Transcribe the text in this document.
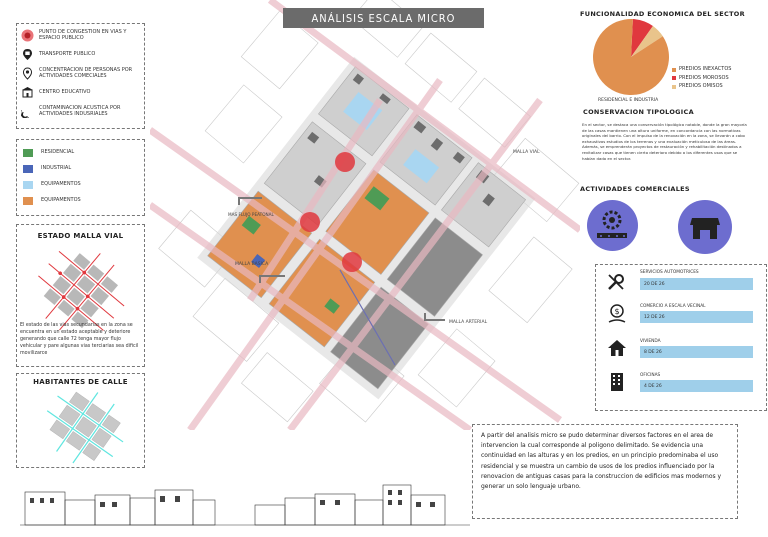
MALLA VIAL
MAS FLUJO PEATONAL
MALLA BASICA
MALLA ARTERIAL
ANÁLISIS ESCALA MICRO
PUNTO DE CONGESTION EN VIAS Y ESPACIO PUBLICO
TRANSPORTE PUBLICO
CONCENTRACION DE PERSONAS POR ACTIVIDADES COMECIALES
CENTRO EDUCATIVO
CONTAMINACION ACUSTICA POR ACTIVIDADES INDUSRIALES
RESIDENCIAL
INDUSTRIAL
EQUIPAMENTOS
EQUIPAMENTOS
ESTADO MALLA VIAL
El estado de las vias secundarias en la zona se encuentra en un estado aceptable y deteriore generando que calle 72 tenga mayor flujo vehicular y pare algunas vias terciarias sea dificil movilizarce
HABITANTES DE CALLE
FUNCIONALIDAD ECONOMICA DEL SECTOR
PREDIOS INEXACTOS
PREDIOS MOROSOS
PREDIOS OMISOS
RESIDENCIAL E INDUSTRIA
CONSERVACION TIPOLOGICA
En el sector, se destaca una conservación tipológica notable, donde la gran mayoría de las casas mantienen una altura uniforme, en concordancia con las normativas originales del barrio. Con el impulso de la renovación en la zona, se llevarán a cabo exhaustivos estudios de los terrenos y una evaluación meticulosa de las áreas. Además, se emprenderán proyectos de restauración y rehabilitación destinados a revitalizar casas que tienen cierto deterioro debido a los diferentes usos que se habían dado en el sector.
ACTIVIDADES COMERCIALES
SERVICIOS AUTOMOTRICES
20 DE 26
$
COMERCIO A ESCALA VECINAL
12 DE 26
VIVIENDA
8 DE 26
OFICINAS
4 DE 26
A partir del analisis micro se pudo determinar diversos factores en el area de intervencion la cual corresponde al poligono delimitado. Se evidencia una continuidad en las alturas y en los predios, en un principio predominaba el uso residencial y se muestra un cambio de usos de los predios influenciado por la renovacion de antiguas casas para la construccion de edificios mas modernos y generar un solo lenguaje urbano.
